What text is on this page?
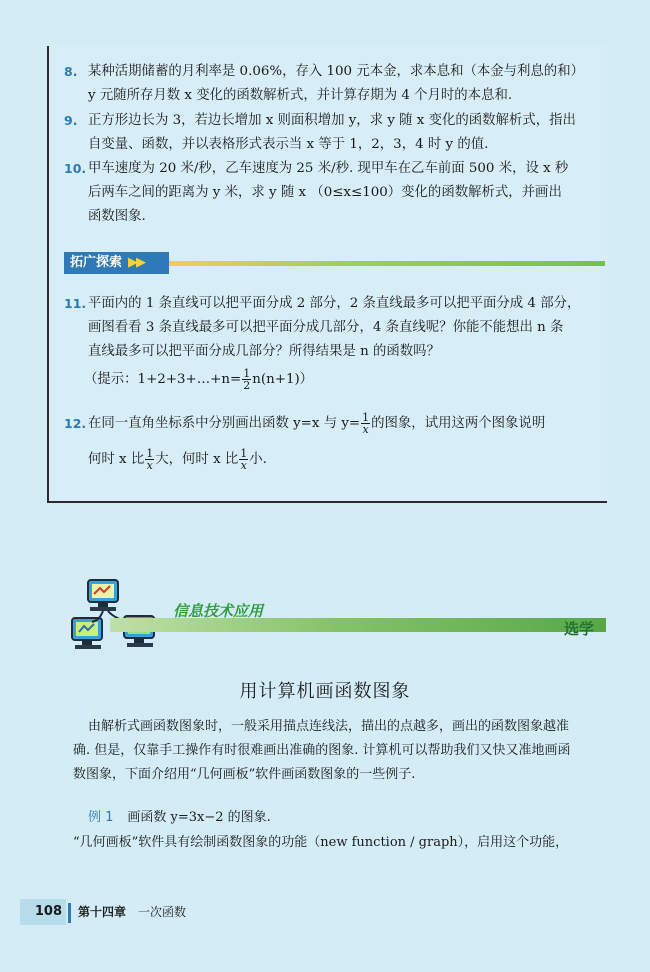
8. 某种活期储蓄的月利率是 0.06%，存入 100 元本金，求本息和（本金与利息的和）
y 元随所存月数 x 变化的函数解析式，并计算存期为 4 个月时的本息和.
9. 正方形边长为 3，若边长增加 x 则面积增加 y，求 y 随 x 变化的函数解析式，指出
自变量、函数，并以表格形式表示当 x 等于 1，2，3，4 时 y 的值.
10. 甲车速度为 20 米/秒，乙车速度为 25 米/秒. 现甲车在乙车前面 500 米，设 x 秒
后两车之间的距离为 y 米，求 y 随 x （0≤x≤100）变化的函数解析式，并画出
函数图象.
拓广探索 ▶▶
11. 平面内的 1 条直线可以把平面分成 2 部分，2 条直线最多可以把平面分成 4 部分，
画图看看 3 条直线最多可以把平面分成几部分，4 条直线呢？你能不能想出 n 条
直线最多可以把平面分成几部分？所得结果是 n 的函数吗？
（提示：1+2+3+…+n= $\frac{1}{2} n(n+1)$）
12. 在同一直角坐标系中分别画出函数 y=x 与 $y= \frac{1}{x}$ 的图象，试用这两个图象说明
何时 x 比 $\frac{1}{x}$ 大，何时 x 比 $\frac{1}{x}$ 小.
信息技术应用
选学
用计算机画函数图象
由解析式画函数图象时，一般采用描点连线法，描出的点越多，画出的函数图象越准
确. 但是，仅靠手工操作有时很难画出准确的图象. 计算机可以帮助我们又快又准地画函
数图象，下面介绍用“几何画板”软件画函数图象的一些例子.
例 1 画函数 y=3x−2 的图象.
“几何画板”软件具有绘制函数图象的功能（new function / graph），启用这个功能，
108	第十四章 一次函数
